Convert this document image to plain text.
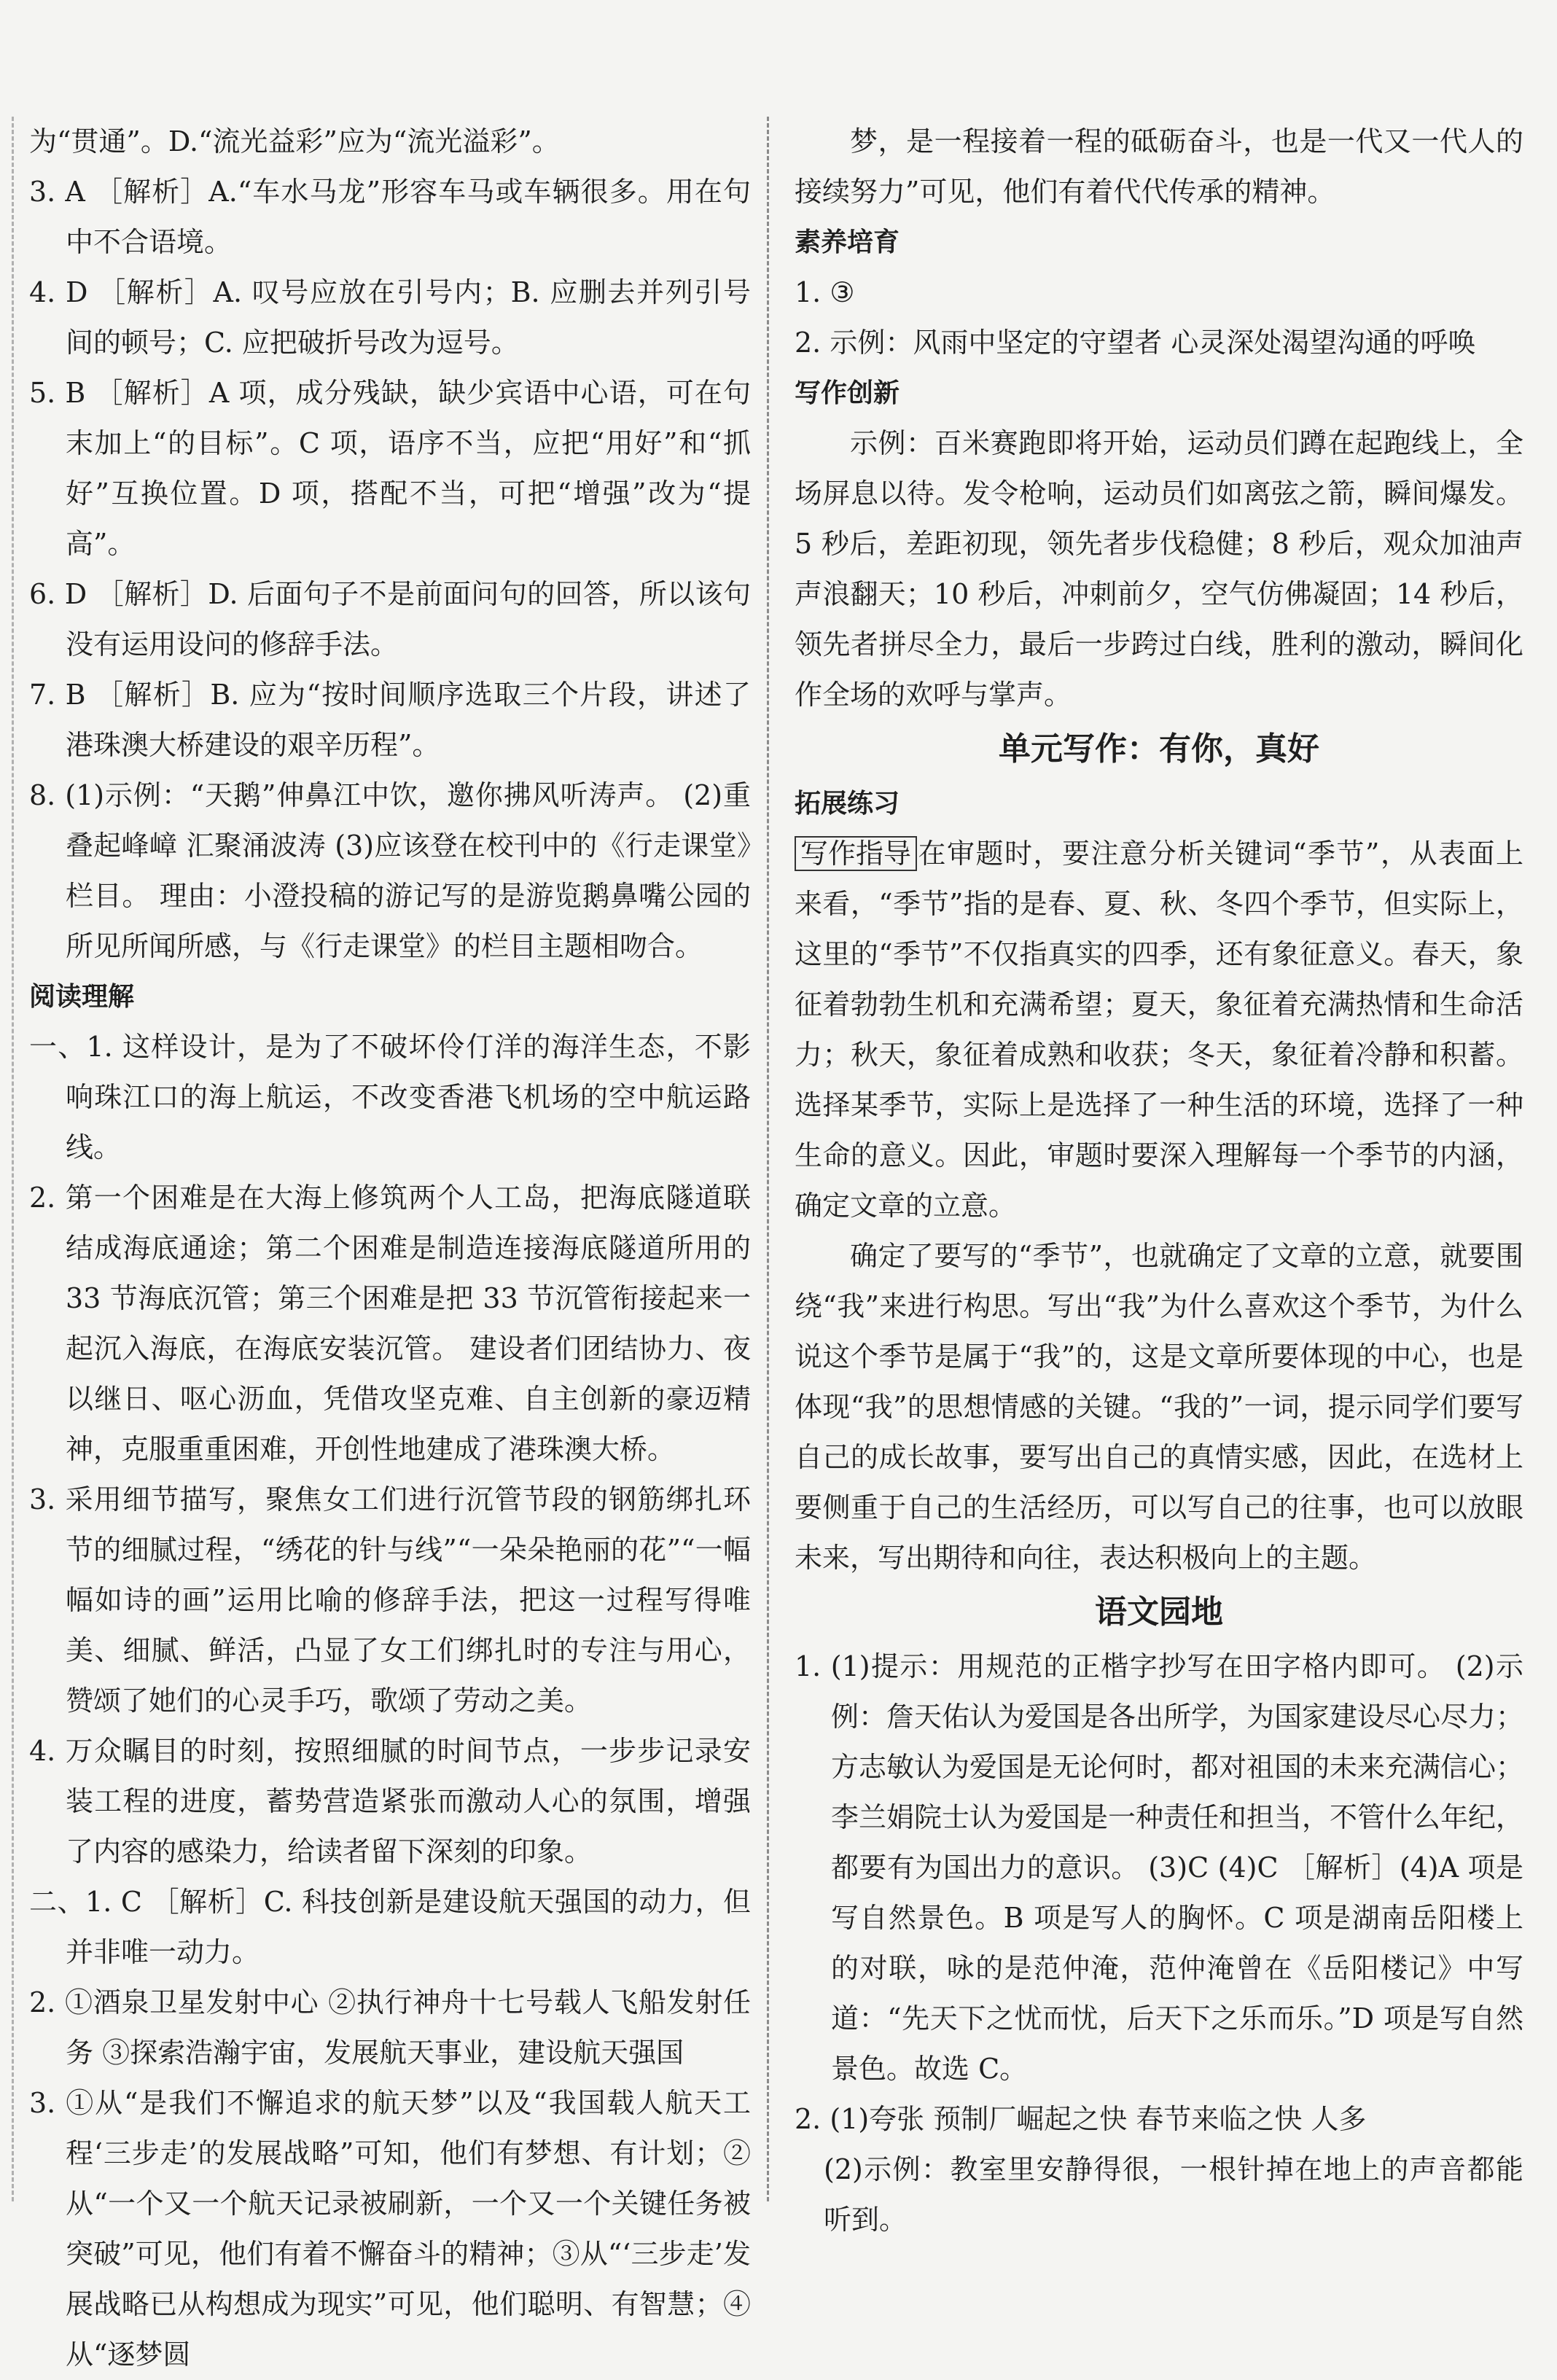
为“贯通”。D.“流光益彩”应为“流光溢彩”。

3. A ［解析］A.“车水马龙”形容车马或车辆很多。用在句中不合语境。

4. D ［解析］A. 叹号应放在引号内；B. 应删去并列引号间的顿号；C. 应把破折号改为逗号。

5. B ［解析］A 项，成分残缺，缺少宾语中心语，可在句末加上“的目标”。C 项，语序不当，应把“用好”和“抓好”互换位置。D 项，搭配不当，可把“增强”改为“提高”。

6. D ［解析］D. 后面句子不是前面问句的回答，所以该句没有运用设问的修辞手法。

7. B ［解析］B. 应为“按时间顺序选取三个片段，讲述了港珠澳大桥建设的艰辛历程”。

8. (1)示例：“天鹅”伸鼻江中饮，邀你拂风听涛声。 (2)重叠起峰嶂 汇聚涌波涛 (3)应该登在校刊中的《行走课堂》栏目。 理由：小澄投稿的游记写的是游览鹅鼻嘴公园的所见所闻所感，与《行走课堂》的栏目主题相吻合。

阅读理解

一、1. 这样设计，是为了不破坏伶仃洋的海洋生态，不影响珠江口的海上航运，不改变香港飞机场的空中航运路线。

2. 第一个困难是在大海上修筑两个人工岛，把海底隧道联结成海底通途；第二个困难是制造连接海底隧道所用的 33 节海底沉管；第三个困难是把 33 节沉管衔接起来一起沉入海底，在海底安装沉管。 建设者们团结协力、夜以继日、呕心沥血，凭借攻坚克难、自主创新的豪迈精神，克服重重困难，开创性地建成了港珠澳大桥。

3. 采用细节描写，聚焦女工们进行沉管节段的钢筋绑扎环节的细腻过程，“绣花的针与线”“一朵朵艳丽的花”“一幅幅如诗的画”运用比喻的修辞手法，把这一过程写得唯美、细腻、鲜活，凸显了女工们绑扎时的专注与用心，赞颂了她们的心灵手巧，歌颂了劳动之美。

4. 万众瞩目的时刻，按照细腻的时间节点，一步步记录安装工程的进度，蓄势营造紧张而激动人心的氛围，增强了内容的感染力，给读者留下深刻的印象。

二、1. C ［解析］C. 科技创新是建设航天强国的动力，但并非唯一动力。

2. ①酒泉卫星发射中心 ②执行神舟十七号载人飞船发射任务 ③探索浩瀚宇宙，发展航天事业，建设航天强国

3. ①从“是我们不懈追求的航天梦”以及“我国载人航天工程‘三步走’的发展战略”可知，他们有梦想、有计划；②从“一个又一个航天记录被刷新，一个又一个关键任务被突破”可见，他们有着不懈奋斗的精神；③从“‘三步走’发展战略已从构想成为现实”可见，他们聪明、有智慧；④从“逐梦圆

梦，是一程接着一程的砥砺奋斗，也是一代又一代人的接续努力”可见，他们有着代代传承的精神。

素养培育

1. ③

2. 示例：风雨中坚定的守望者 心灵深处渴望沟通的呼唤

写作创新

示例：百米赛跑即将开始，运动员们蹲在起跑线上，全场屏息以待。发令枪响，运动员们如离弦之箭，瞬间爆发。5 秒后，差距初现，领先者步伐稳健；8 秒后，观众加油声声浪翻天；10 秒后，冲刺前夕，空气仿佛凝固；14 秒后，领先者拼尽全力，最后一步跨过白线，胜利的激动，瞬间化作全场的欢呼与掌声。

单元写作：有你，真好

拓展练习

写作指导 在审题时，要注意分析关键词“季节”，从表面上来看，“季节”指的是春、夏、秋、冬四个季节，但实际上，这里的“季节”不仅指真实的四季，还有象征意义。春天，象征着勃勃生机和充满希望；夏天，象征着充满热情和生命活力；秋天，象征着成熟和收获；冬天，象征着冷静和积蓄。选择某季节，实际上是选择了一种生活的环境，选择了一种生命的意义。因此，审题时要深入理解每一个季节的内涵，确定文章的立意。

确定了要写的“季节”，也就确定了文章的立意，就要围绕“我”来进行构思。写出“我”为什么喜欢这个季节，为什么说这个季节是属于“我”的，这是文章所要体现的中心，也是体现“我”的思想情感的关键。“我的”一词，提示同学们要写自己的成长故事，要写出自己的真情实感，因此，在选材上要侧重于自己的生活经历，可以写自己的往事，也可以放眼未来，写出期待和向往，表达积极向上的主题。

语文园地

1. (1)提示：用规范的正楷字抄写在田字格内即可。 (2)示例：詹天佑认为爱国是各出所学，为国家建设尽心尽力；方志敏认为爱国是无论何时，都对祖国的未来充满信心；李兰娟院士认为爱国是一种责任和担当，不管什么年纪，都要有为国出力的意识。 (3)C (4)C ［解析］(4)A 项是写自然景色。B 项是写人的胸怀。C 项是湖南岳阳楼上的对联，咏的是范仲淹，范仲淹曾在《岳阳楼记》中写道：“先天下之忧而忧，后天下之乐而乐。”D 项是写自然景色。故选 C。

2. (1)夸张 预制厂崛起之快 春节来临之快 人多

(2)示例：教室里安静得很，一根针掉在地上的声音都能听到。
